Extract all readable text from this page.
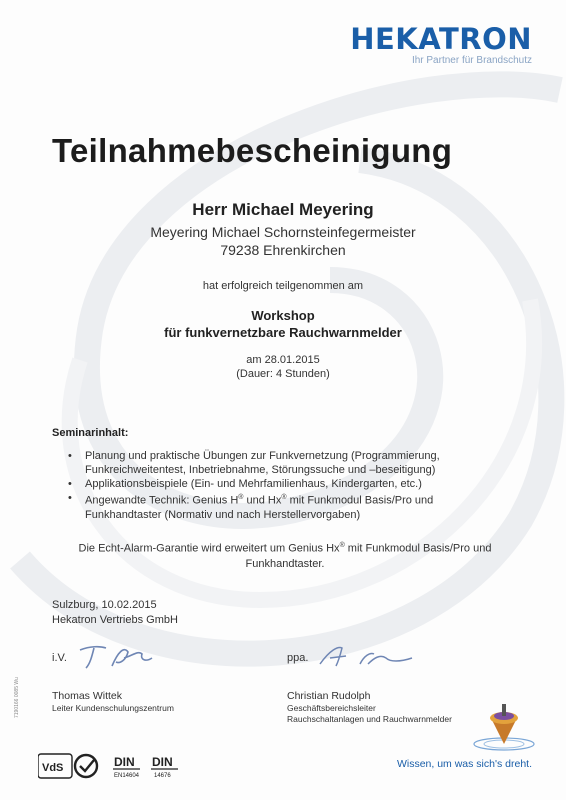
HEKATRON
Ihr Partner für Brandschutz
Teilnahmebescheinigung
Herr Michael Meyering
Meyering Michael Schornsteinfegermeister
79238 Ehrenkirchen
hat erfolgreich teilgenommen am
Workshop
für funkvernetzbare Rauchwarnmelder
am 28.01.2015
(Dauer: 4 Stunden)
Seminarinhalt:
• Planung und praktische Übungen zur Funkvernetzung (Programmierung, Funkreichweitentest, Inbetriebnahme, Störungssuche und –beseitigung)
• Applikationsbeispiele (Ein- und Mehrfamilienhaus, Kindergarten, etc.)
• Angewandte Technik: Genius H® und Hx® mit Funkmodul Basis/Pro und Funkhandtaster (Normativ und nach Herstellervorgaben)
Die Echt-Alarm-Garantie wird erweitert um Genius Hx® mit Funkmodul Basis/Pro und Funkhandtaster.
Sulzburg, 10.02.2015
Hekatron Vertriebs GmbH
i.V.	ppa.
Thomas Wittek
Leiter Kundenschulungszentrum
Christian Rudolph
Geschäftsbereichsleiter
Rauchschaltanlagen und Rauchwarnmelder
7190166 0085 Wu
VdS	DIN
EN14604
DIN
14676
Wissen, um was sich's dreht.
